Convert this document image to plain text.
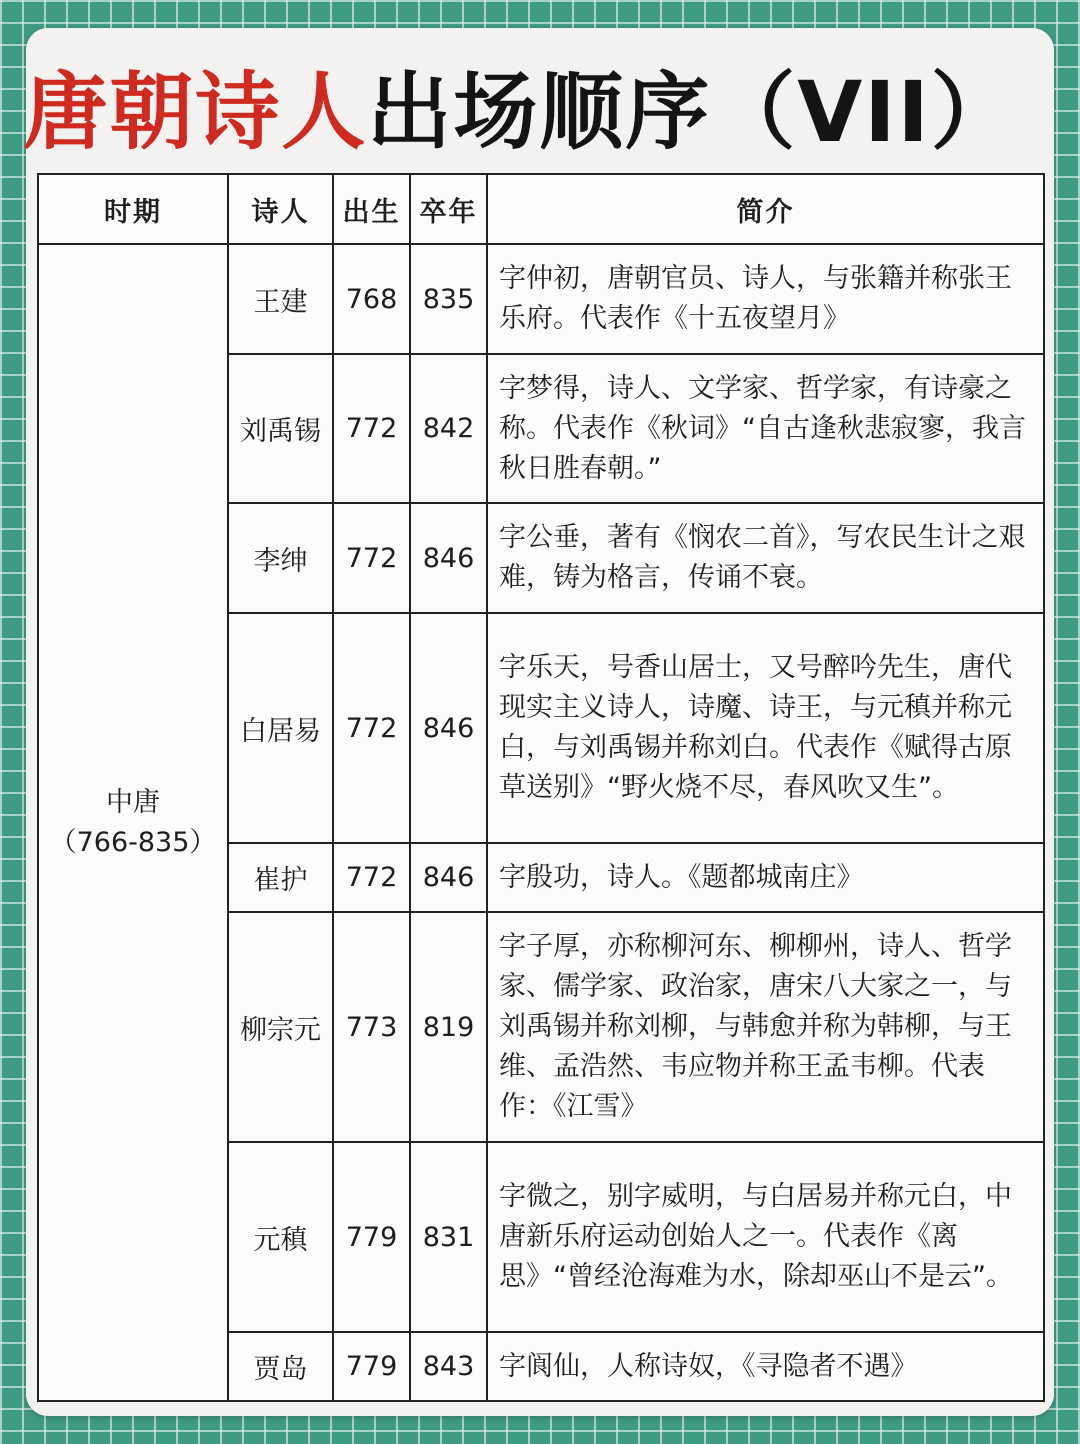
唐朝诗人出场顺序（VII）
时期	诗人	出生	卒年	简介

中唐
（766-835）	王建	768	835	字仲初，唐朝官员、诗人，与张籍并称张王乐府。代表作《十五夜望月》
	刘禹锡	772	842	字梦得，诗人、文学家、哲学家，有诗豪之称。代表作《秋词》“自古逢秋悲寂寥，我言秋日胜春朝。”
	李绅	772	846	字公垂，著有《悯农二首》，写农民生计之艰难，铸为格言，传诵不衰。
	白居易	772	846	字乐天，号香山居士，又号醉吟先生，唐代现实主义诗人，诗魔、诗王，与元稹并称元白，与刘禹锡并称刘白。代表作《赋得古原草送别》“野火烧不尽，春风吹又生”。
	崔护	772	846	字殷功，诗人。《题都城南庄》
	柳宗元	773	819	字子厚，亦称柳河东、柳柳州，诗人、哲学家、儒学家、政治家，唐宋八大家之一，与刘禹锡并称刘柳，与韩愈并称为韩柳，与王维、孟浩然、韦应物并称王孟韦柳。代表作：《江雪》
	元稹	779	831	字微之，别字威明，与白居易并称元白，中唐新乐府运动创始人之一。代表作《离思》“曾经沧海难为水，除却巫山不是云”。
	贾岛	779	843	字阆仙，人称诗奴，《寻隐者不遇》
